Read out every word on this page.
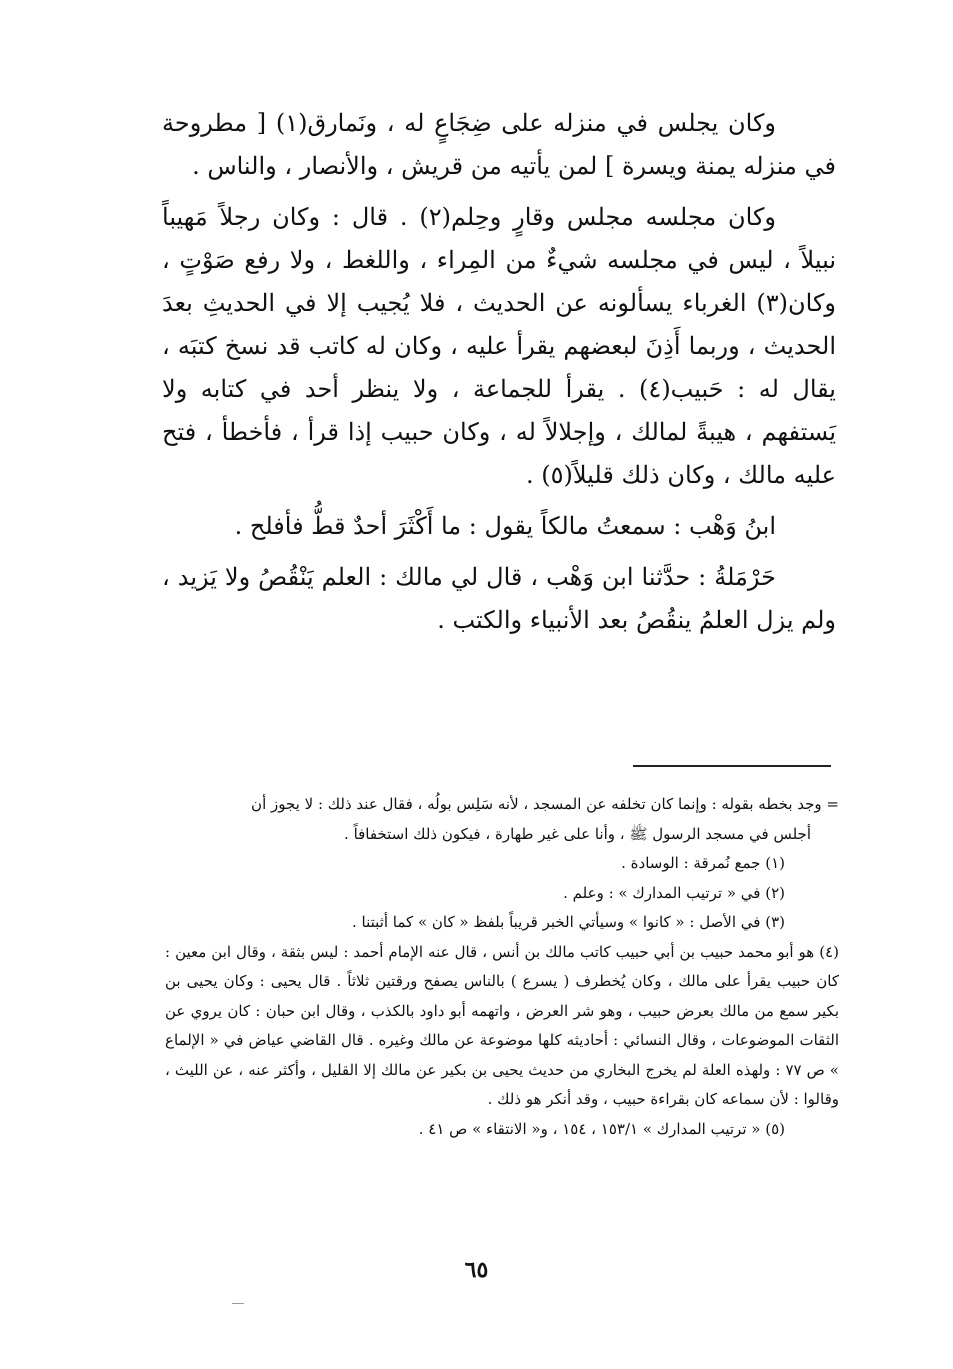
وكان يجلس في منزله على ضِجَاعٍ له ، ونَمارق(١) [ مطروحة في منزله يمنة ويسرة ] لمن يأتيه من قريش ، والأنصار ، والناس .

وكان مجلسه مجلس وقارٍ وحِلم(٢) . قال : وكان رجلاً مَهيباً نبيلاً ، ليس في مجلسه شيءٌ من المِراء ، واللغط ، ولا رفع صَوْتٍ ، وكان(٣) الغرباء يسألونه عن الحديث ، فلا يُجيب إلا في الحديثِ بعدَ الحديث ، وربما أَذِنَ لبعضهم يقرأ عليه ، وكان له كاتب قد نسخ كتبَه ، يقال له : حَبيب(٤) . يقرأ للجماعة ، ولا ينظر أحد في كتابه ولا يَستفهم ، هيبةً لمالك ، وإجلالاً له ، وكان حبيب إذا قرأ ، فأخطأ ، فتح عليه مالك ، وكان ذلك قليلاً(٥) .

ابنُ وَهْب : سمعتُ مالكاً يقول : ما أَكْثَرَ أحدٌ قطُّ فأفلح .

حَرْمَلةُ : حدَّثنا ابن وَهْب ، قال لي مالك : العلم يَنْقُصُ ولا يَزيد ، ولم يزل العلمُ ينقُصُ بعد الأنبياء والكتب .

= وجد بخطه بقوله : وإنما كان تخلفه عن المسجد ، لأنه سَلِس بولُه ، فقال عند ذلك : لا يجوز أن

أجلس في مسجد الرسول ﷺ ، وأنا على غير طهارة ، فيكون ذلك استخفافاً .

(١) جمع نُمرقة : الوسادة .

(٢) في « ترتيب المدارك » : وعلم .

(٣) في الأصل : « كانوا » وسيأتي الخبر قريباً بلفظ « كان » كما أثبتنا .

(٤) هو أبو محمد حبيب بن أبي حبيب كاتب مالك بن أنس ، قال عنه الإمام أحمد : ليس بثقة ، وقال ابن معين : كان حبيب يقرأ على مالك ، وكان يُخطرف ( يسرع ) بالناس يصفح ورقتين ثلاثاً . قال يحيى : وكان يحيى بن بكير سمع من مالك بعرض حبيب ، وهو شر العرض ، واتهمه أبو داود بالكذب ، وقال ابن حبان : كان يروي عن الثقات الموضوعات ، وقال النسائي : أحاديثه كلها موضوعة عن مالك وغيره . قال القاضي عياض في « الإلماع » ص ٧٧ : ولهذه العلة لم يخرج البخاري من حديث يحيى بن بكير عن مالك إلا القليل ، وأكثر عنه ، عن الليث ، وقالوا : لأن سماعه كان بقراءة حبيب ، وقد أنكر هو ذلك .

(٥) « ترتيب المدارك » ١٥٣/١ ، ١٥٤ ، و« الانتقاء » ص ٤١ .

٦٥
